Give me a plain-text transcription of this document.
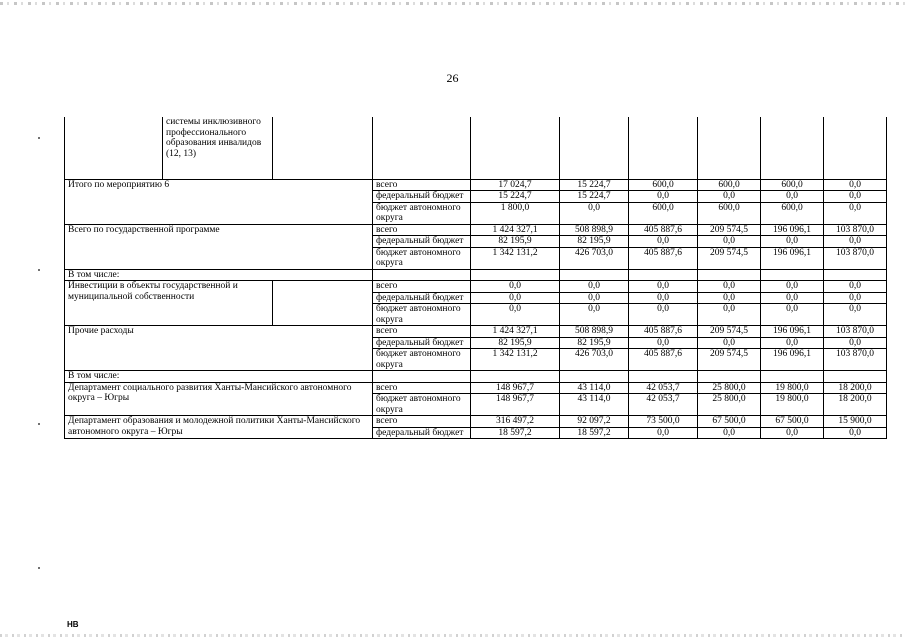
26
	системы инклюзивного профессионального образования инвалидов (12, 13)								
Итого по мероприятию 6			всего	17 024,7	15 224,7	600,0	600,0	600,0	0,0
			федеральный бюджет	15 224,7	15 224,7	0,0	0,0	0,0	0,0
			бюджет автономного округа	1 800,0	0,0	600,0	600,0	600,0	0,0
Всего по государственной программе			всего	1 424 327,1	508 898,9	405 887,6	209 574,5	196 096,1	103 870,0
			федеральный бюджет	82 195,9	82 195,9	0,0	0,0	0,0	0,0
			бюджет автономного округа	1 342 131,2	426 703,0	405 887,6	209 574,5	196 096,1	103 870,0
В том числе:									
Инвестиции в объекты государственной и муниципальной собственности			всего	0,0	0,0	0,0	0,0	0,0	0,0
			федеральный бюджет	0,0	0,0	0,0	0,0	0,0	0,0
			бюджет автономного округа	0,0	0,0	0,0	0,0	0,0	0,0
Прочие расходы			всего	1 424 327,1	508 898,9	405 887,6	209 574,5	196 096,1	103 870,0
			федеральный бюджет	82 195,9	82 195,9	0,0	0,0	0,0	0,0
			бюджет автономного округа	1 342 131,2	426 703,0	405 887,6	209 574,5	196 096,1	103 870,0
В том числе:									
Департамент социального развития Ханты-Мансийского автономного округа – Югры			всего	148 967,7	43 114,0	42 053,7	25 800,0	19 800,0	18 200,0
			бюджет автономного округа	148 967,7	43 114,0	42 053,7	25 800,0	19 800,0	18 200,0
Департамент образования и молодежной политики Ханты-Мансийского автономного округа – Югры			всего	316 497,2	92 097,2	73 500,0	67 500,0	67 500,0	15 900,0
			федеральный бюджет	18 597,2	18 597,2	0,0	0,0	0,0	0,0
НВ
